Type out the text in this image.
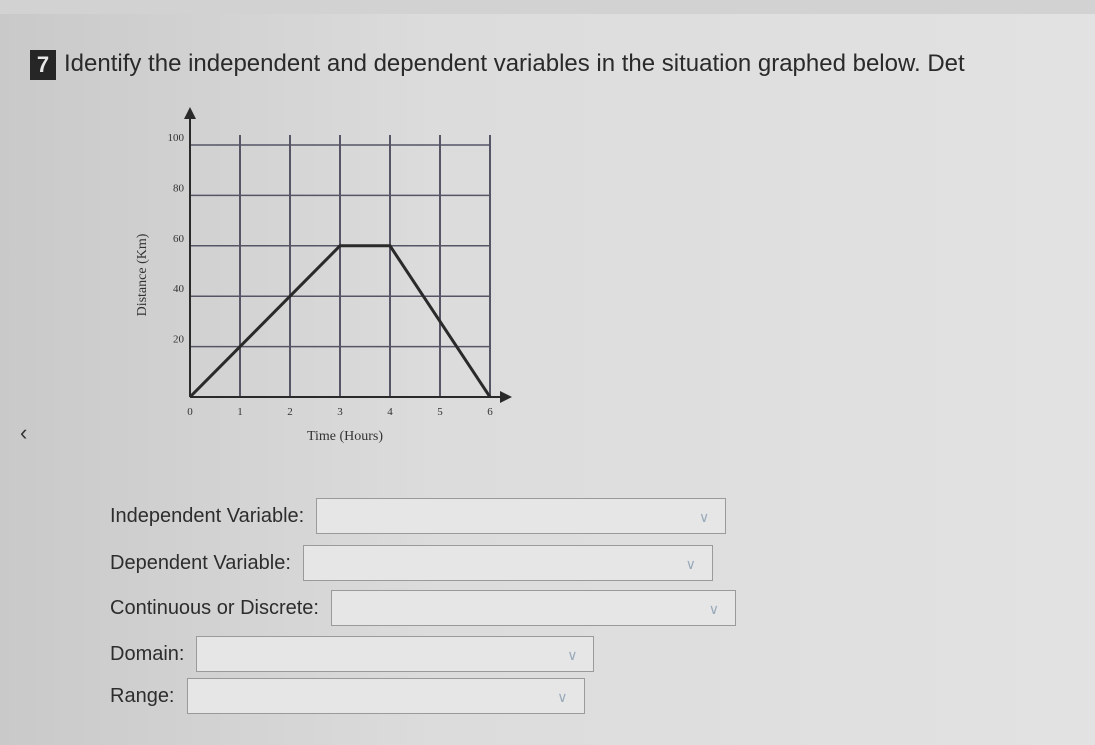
7 Identify the independent and dependent variables in the situation graphed below. Det
0	1	2	3	4	5	6
20
40
60
80
100
Time (Hours)
Distance (Km)
‹
Independent Variable:	∨
Dependent Variable:	∨
Continuous or Discrete:	∨
Domain:	∨
Range:	∨
